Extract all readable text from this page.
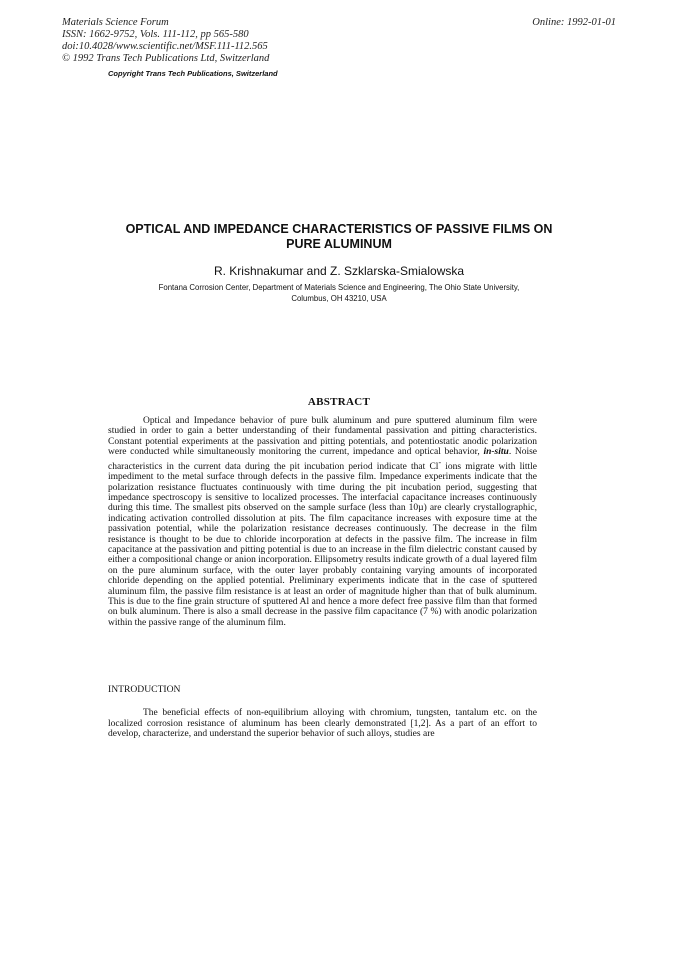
Materials Science Forum
ISSN: 1662-9752, Vols. 111-112, pp 565-580
doi:10.4028/www.scientific.net/MSF.111-112.565
© 1992 Trans Tech Publications Ltd, Switzerland
Online: 1992-01-01
Copyright Trans Tech Publications, Switzerland
OPTICAL AND IMPEDANCE CHARACTERISTICS OF PASSIVE FILMS ON
PURE ALUMINUM
R. Krishnakumar and Z. Szklarska-Smialowska
Fontana Corrosion Center, Department of Materials Science and Engineering, The Ohio State University,
Columbus, OH 43210, USA
ABSTRACT
Optical and Impedance behavior of pure bulk aluminum and pure sputtered aluminum film were studied in order to gain a better understanding of their fundamental passivation and pitting characteristics. Constant potential experiments at the passivation and pitting potentials, and potentiostatic anodic polarization were conducted while simultaneously monitoring the current, impedance and optical behavior, in-situ. Noise characteristics in the current data during the pit incubation period indicate that Cl- ions migrate with little impediment to the metal surface through defects in the passive film. Impedance experiments indicate that the polarization resistance fluctuates continuously with time during the pit incubation period, suggesting that impedance spectroscopy is sensitive to localized processes. The interfacial capacitance increases continuously during this time. The smallest pits observed on the sample surface (less than 10µ) are clearly crystallographic, indicating activation controlled dissolution at pits. The film capacitance increases with exposure time at the passivation potential, while the polarization resistance decreases continuously. The decrease in the film resistance is thought to be due to chloride incorporation at defects in the passive film. The increase in film capacitance at the passivation and pitting potential is due to an increase in the film dielectric constant caused by either a compositional change or anion incorporation. Ellipsometry results indicate growth of a dual layered film on the pure aluminum surface, with the outer layer probably containing varying amounts of incorporated chloride depending on the applied potential. Preliminary experiments indicate that in the case of sputtered aluminum film, the passive film resistance is at least an order of magnitude higher than that of bulk aluminum. This is due to the fine grain structure of sputtered Al and hence a more defect free passive film than that formed on bulk aluminum. There is also a small decrease in the passive film capacitance (7 %) with anodic polarization within the passive range of the aluminum film.
INTRODUCTION
The beneficial effects of non-equilibrium alloying with chromium, tungsten, tantalum etc. on the localized corrosion resistance of aluminum has been clearly demonstrated [1,2]. As a part of an effort to develop, characterize, and understand the superior behavior of such alloys, studies are
